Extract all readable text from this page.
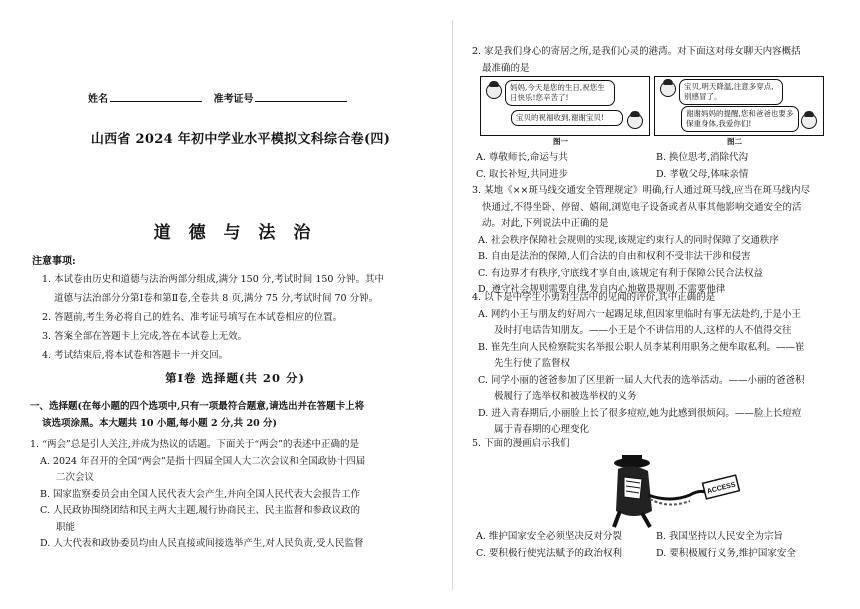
姓名	准考证号
山西省 2024 年初中学业水平模拟文科综合卷(四)
道 德 与 法 治
注意事项:

1. 本试卷由历史和道德与法治两部分组成,满分 150 分,考试时间 150 分钟。其中

道德与法治部分分第Ⅰ卷和第Ⅱ卷,全卷共 8 页,满分 75 分,考试时间 70 分钟。

2. 答题前,考生务必将自己的姓名、准考证号填写在本试卷相应的位置。

3. 答案全部在答题卡上完成,答在本试卷上无效。

4. 考试结束后,将本试卷和答题卡一并交回。

第Ⅰ卷 选择题(共 20 分)
一、选择题(在每小题的四个选项中,只有一项最符合题意,请选出并在答题卡上将
该选项涂黑。本大题共 10 小题,每小题 2 分,共 20 分)
1. “两会”总是引人关注,并成为热议的话题。下面关于“两会”的表述中正确的是
A. 2024 年召开的全国“两会”是指十四届全国人大二次会议和全国政协十四届
二次会议
B. 国家监察委员会由全国人民代表大会产生,并向全国人民代表大会报告工作
C. 人民政协围绕团结和民主两大主题,履行协商民主、民主监督和参政议政的
职能
D. 人大代表和政协委员均由人民直接或间接选举产生,对人民负责,受人民监督
2. 家是我们身心的寄居之所,是我们心灵的港湾。对下面这对母女聊天内容概括
最准确的是
妈妈,今天是您的生日,祝您生日快乐!您辛苦了!
宝贝的祝福收到,谢谢宝贝!
图一
宝贝,明天降温,注意多穿点,别感冒了。
谢谢妈妈的提醒,您和爸爸也要多保重身体,我爱你们!
图二
A. 尊敬师长,命运与共	B. 换位思考,消除代沟
C. 取长补短,共同进步	D. 孝敬父母,体味亲情
3. 某地《××斑马线交通安全管理规定》明确,行人通过斑马线,应当在斑马线内尽
快通过,不得坐卧、停留、嬉闹,浏览电子设备或者从事其他影响交通安全的活
动。对此,下列说法中正确的是
A. 社会秩序保障社会规则的实现,该规定约束行人的同时保障了交通秩序
B. 自由是法治的保障,人们合法的自由和权利不受非法干涉和侵害
C. 有边界才有秩序,守底线才享自由,该规定有利于保障公民合法权益
D. 遵守社会规则需要自律,发自内心地敬畏规则,不需要他律
4. 以下是中学生小勇对生活中的见闻的评价,其中正确的是
A. 网约小王与朋友约好周六一起踢足球,但因家里临时有事无法赴约,于是小王
及时打电话告知朋友。——小王是个不讲信用的人,这样的人不值得交往
B. 崔先生向人民检察院实名举报公职人员李某利用职务之便牟取私利。——崔
先生行使了监督权
C. 同学小丽的爸爸参加了区里新一届人大代表的选举活动。——小丽的爸爸积
极履行了选举权和被选举权的义务
D. 进入青春期后,小丽脸上长了很多痘痘,她为此感到很烦闷。——脸上长痘痘
属于青春期的心理变化
5. 下面的漫画启示我们
ACCESS
A. 维护国家安全必须坚决反对分裂	B. 我国坚持以人民安全为宗旨
C. 要积极行使宪法赋予的政治权利	D. 要积极履行义务,维护国家安全
